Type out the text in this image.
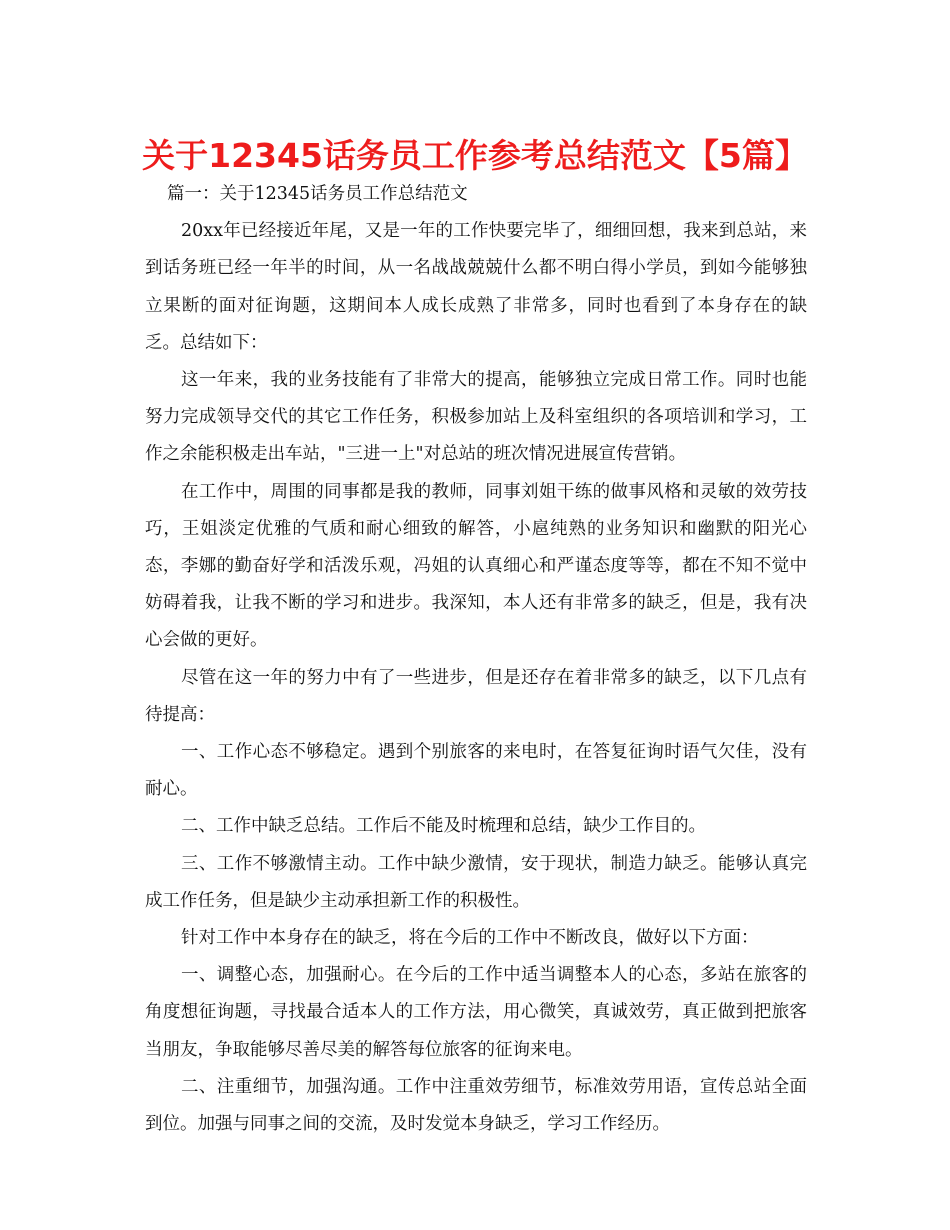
关于12345话务员工作参考总结范文【5篇】

篇一：关于12345话务员工作总结范文

20xx年已经接近年尾，又是一年的工作快要完毕了，细细回想，我来到总站，来到话务班已经一年半的时间，从一名战战兢兢什么都不明白得小学员，到如今能够独立果断的面对征询题，这期间本人成长成熟了非常多，同时也看到了本身存在的缺乏。总结如下：

这一年来，我的业务技能有了非常大的提高，能够独立完成日常工作。同时也能努力完成领导交代的其它工作任务，积极参加站上及科室组织的各项培训和学习，工作之余能积极走出车站，"三进一上"对总站的班次情况进展宣传营销。

在工作中，周围的同事都是我的教师，同事刘姐干练的做事风格和灵敏的效劳技巧，王姐淡定优雅的气质和耐心细致的解答，小扈纯熟的业务知识和幽默的阳光心态，李娜的勤奋好学和活泼乐观，冯姐的认真细心和严谨态度等等，都在不知不觉中妨碍着我，让我不断的学习和进步。我深知，本人还有非常多的缺乏，但是，我有决心会做的更好。

尽管在这一年的努力中有了一些进步，但是还存在着非常多的缺乏，以下几点有待提高：

一、工作心态不够稳定。遇到个别旅客的来电时，在答复征询时语气欠佳，没有耐心。

二、工作中缺乏总结。工作后不能及时梳理和总结，缺少工作目的。

三、工作不够激情主动。工作中缺少激情，安于现状，制造力缺乏。能够认真完成工作任务，但是缺少主动承担新工作的积极性。

针对工作中本身存在的缺乏，将在今后的工作中不断改良，做好以下方面：

一、调整心态，加强耐心。在今后的工作中适当调整本人的心态，多站在旅客的角度想征询题，寻找最合适本人的工作方法，用心微笑，真诚效劳，真正做到把旅客当朋友，争取能够尽善尽美的解答每位旅客的征询来电。

二、注重细节，加强沟通。工作中注重效劳细节，标准效劳用语，宣传总站全面到位。加强与同事之间的交流，及时发觉本身缺乏，学习工作经历。
